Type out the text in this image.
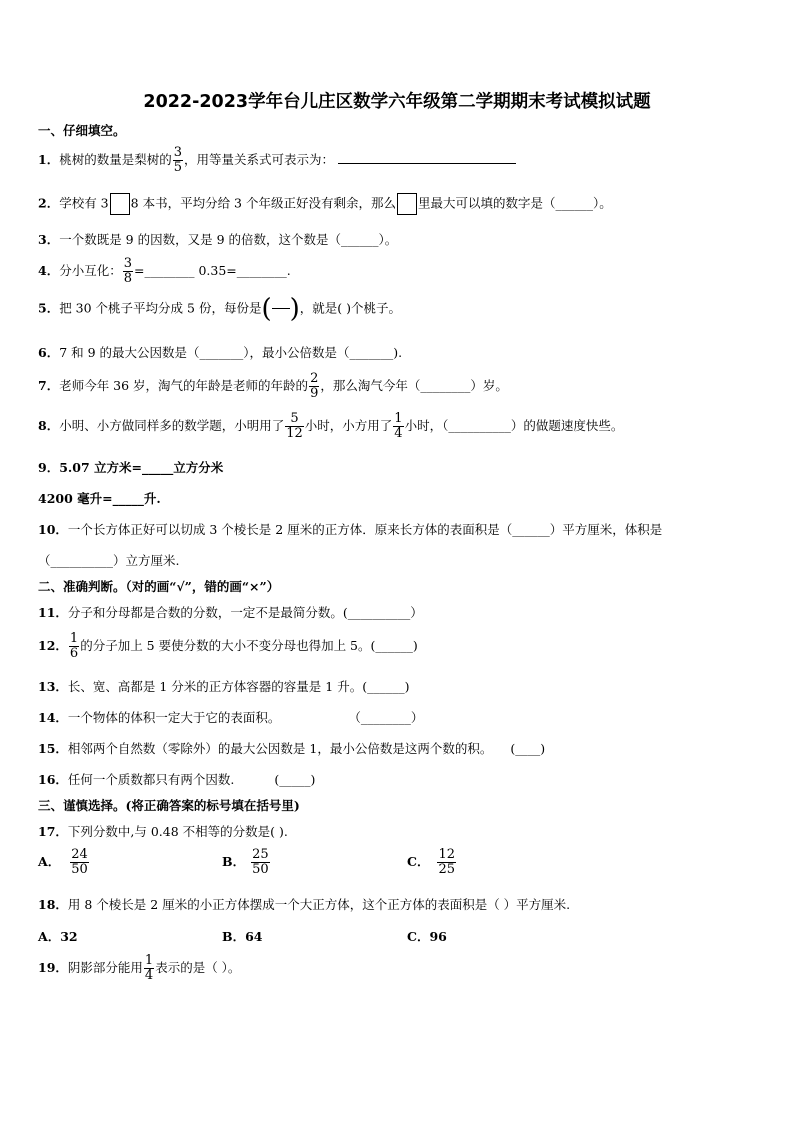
2022-2023学年台儿庄区数学六年级第二学期期末考试模拟试题
一、仔细填空。
1．桃树的数量是梨树的 $\frac{3}{5}$ ，用等量关系式可表示为：
2．学校有 3 8 本书，平均分给 3 个年级正好没有剩余，那么 里最大可以填的数字是（______）。
3．一个数既是 9 的因数，又是 9 的倍数，这个数是（______）。
4．分小互化： $\frac{3}{8}$ =________ 0.35=________.
5．把 30 个桃子平均分成 5 份，每份是( )，就是( )个桃子。
6．7 和 9 的最大公因数是（_______），最小公倍数是（_______).
7．老师今年 36 岁，淘气的年龄是老师的年龄的 $\frac{2}{9}$ ，那么淘气今年（________）岁。
8．小明、小方做同样多的数学题，小明用了 $\frac{5}{12}$ 小时，小方用了 $\frac{1}{4}$ 小时，（__________）的做题速度快些。
9．5.07 立方米=_____立方分米
4200 毫升=_____升.
10．一个长方体正好可以切成 3 个棱长是 2 厘米的正方体．原来长方体的表面积是（______）平方厘米，体积是
（__________）立方厘米.
二、准确判断。（对的画“√”，错的画“×”）
11．分子和分母都是合数的分数，一定不是最简分数。(__________）
12． $\frac{1}{6}$ 的分子加上 5 要使分数的大小不变分母也得加上 5。(______)
13．长、宽、高都是 1 分米的正方体容器的容量是 1 升。(______)
14．一个物体的体积一定大于它的表面积。	（________）
15．相邻两个自然数（零除外）的最大公因数是 1，最小公倍数是这两个数的积。 (____)
16．任何一个质数都只有两个因数.	(_____)
三、谨慎选择。(将正确答案的标号填在括号里)
17．下列分数中,与 0.48 不相等的分数是( ).
A． $\frac{24}{50}$	B． $\frac{25}{50}$	C． $\frac{12}{25}$
18．用 8 个棱长是 2 厘米的小正方体摆成一个大正方体，这个正方体的表面积是（ ）平方厘米.
A．32	B．64	C．96
19．阴影部分能用 $\frac{1}{4}$ 表示的是（ ）。
